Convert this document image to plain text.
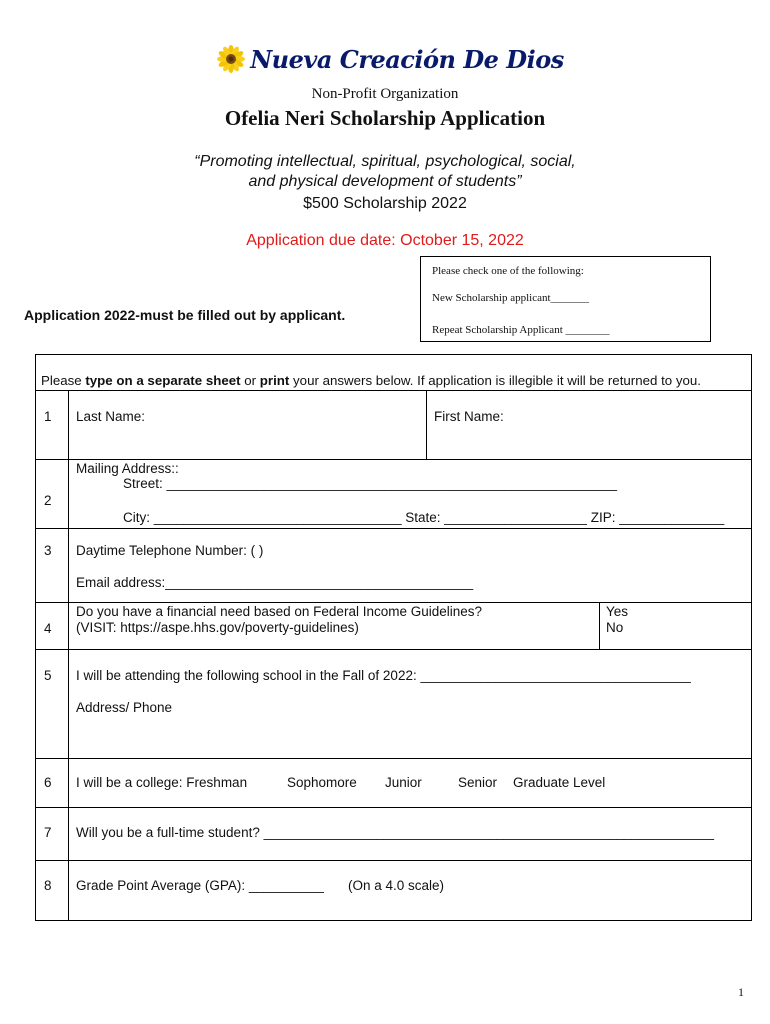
Nueva Creación De Dios
Non-Profit Organization
Ofelia Neri Scholarship Application
“Promoting intellectual, spiritual, psychological, social,
and physical development of students”
$500 Scholarship 2022
Application due date: October 15, 2022
Please check one of the following:
New Scholarship applicant_______
Repeat Scholarship Applicant ________
Application 2022-must be filled out by applicant.
Please type on a separate sheet or print your answers below. If application is illegible it will be returned to you.
1 Last Name:	First Name:
2
Mailing Address::
Street: ____________________________________________________________
City: _________________________________ State: ___________________ ZIP: ______________
3 Daytime Telephone Number: ( )
Email address:_________________________________________
4
Do you have a financial need based on Federal Income Guidelines?
(VISIT: https://aspe.hhs.gov/poverty-guidelines)
Yes
No
5 I will be attending the following school in the Fall of 2022: ____________________________________
Address/ Phone
6 I will be a college: Freshman	Sophomore Junior	Senior Graduate Level
7 Will you be a full-time student? ____________________________________________________________
8 Grade Point Average (GPA): __________ (On a 4.0 scale)
1
